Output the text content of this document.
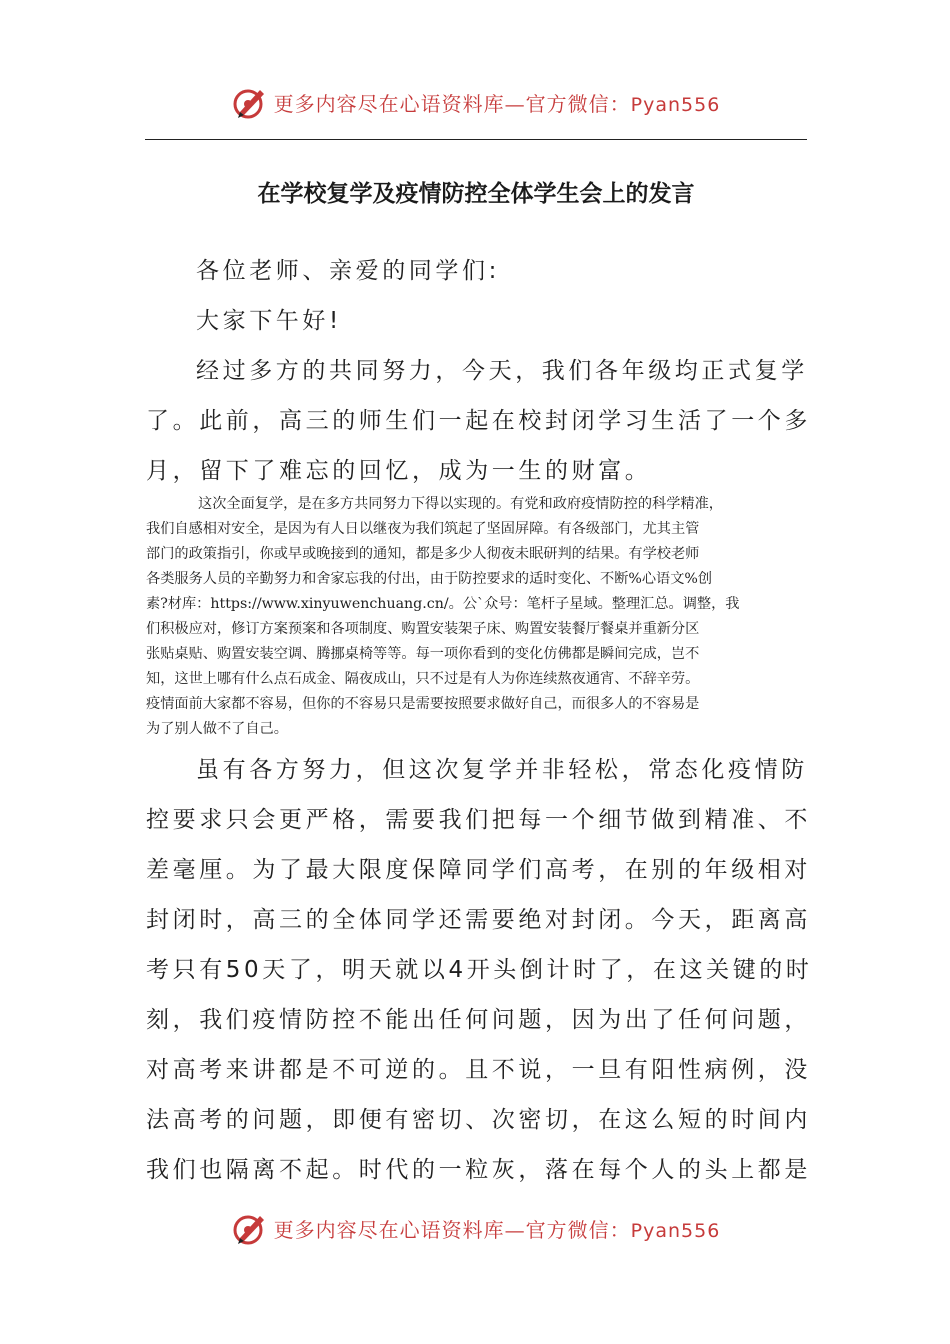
更多内容尽在心语资料库—官方微信：Pyan556
在学校复学及疫情防控全体学生会上的发言
各位老师、亲爱的同学们:
大家下午好!
经过多方的共同努力，今天，我们各年级均正式复学
了。此前，高三的师生们一起在校封闭学习生活了一个多
月，留下了难忘的回忆，成为一生的财富。
这次全面复学，是在多方共同努力下得以实现的。有党和政府疫情防控的科学精准，
我们自感相对安全，是因为有人日以继夜为我们筑起了坚固屏障。有各级部门，尤其主管
部门的政策指引，你或早或晚接到的通知，都是多少人彻夜未眠研判的结果。有学校老师
各类服务人员的辛勤努力和舍家忘我的付出，由于防控要求的适时变化、不断%心语文%创
素?材库：https://www.xinyuwenchuang.cn/。公`众号：笔杆子星域。整理汇总。调整，我
们积极应对，修订方案预案和各项制度、购置安装架子床、购置安装餐厅餐桌并重新分区
张贴桌贴、购置安装空调、腾挪桌椅等等。每一项你看到的变化仿佛都是瞬间完成，岂不
知，这世上哪有什么点石成金、隔夜成山，只不过是有人为你连续熬夜通宵、不辞辛劳。
疫情面前大家都不容易，但你的不容易只是需要按照要求做好自己，而很多人的不容易是
为了别人做不了自己。
虽有各方努力，但这次复学并非轻松，常态化疫情防
控要求只会更严格，需要我们把每一个细节做到精准、不
差毫厘。为了最大限度保障同学们高考，在别的年级相对
封闭时，高三的全体同学还需要绝对封闭。今天，距离高
考只有50天了，明天就以4开头倒计时了，在这关键的时
刻，我们疫情防控不能出任何问题，因为出了任何问题，
对高考来讲都是不可逆的。且不说，一旦有阳性病例，没
法高考的问题，即便有密切、次密切，在这么短的时间内
我们也隔离不起。时代的一粒灰，落在每个人的头上都是
更多内容尽在心语资料库—官方微信：Pyan556
